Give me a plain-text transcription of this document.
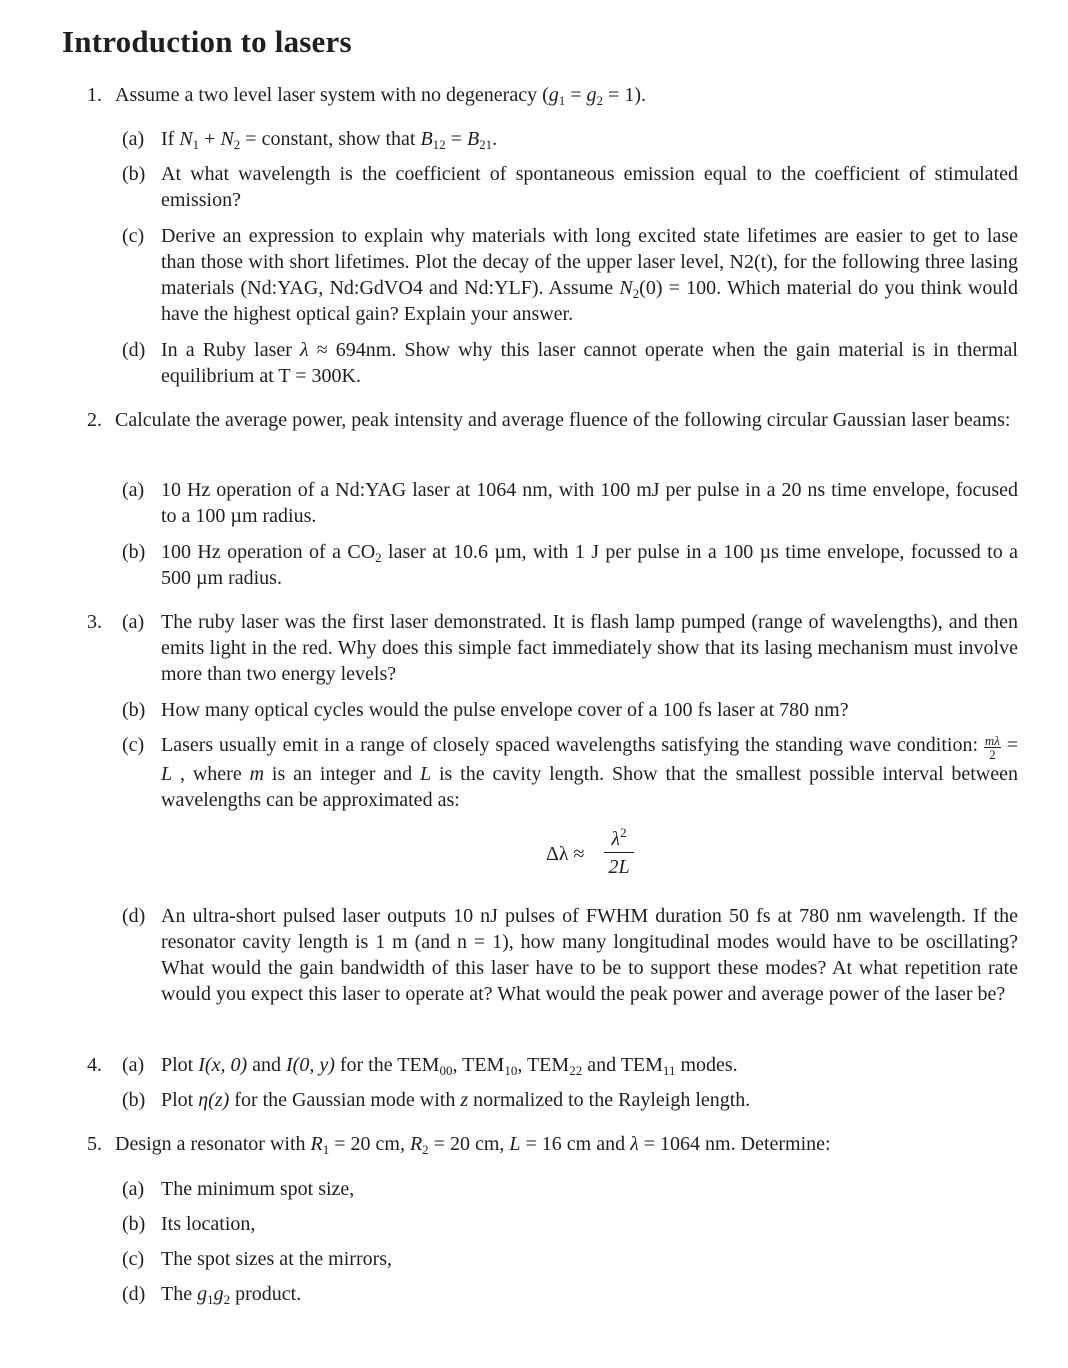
Introduction to lasers
1. Assume a two level laser system with no degeneracy $(g_1 = g_2 = 1)$.
(a) If $N_1 + N_2$ = constant, show that $B_{12} = B_{21}$.
(b) At what wavelength is the coefficient of spontaneous emission equal to the coefficient of stimulated emission?
(c) Derive an expression to explain why materials with long excited state lifetimes are easier to get to lase than those with short lifetimes. Plot the decay of the upper laser level, N2(t), for the following three lasing materials (Nd:YAG, Nd:GdVO4 and Nd:YLF). Assume $N_2(0) = 100$. Which material do you think would have the highest optical gain? Explain your answer.
(d) In a Ruby laser λ ≈ 694nm. Show why this laser cannot operate when the gain material is in thermal equilibrium at T = 300K.
2. Calculate the average power, peak intensity and average fluence of the following circular Gaussian laser beams:
(a) 10 Hz operation of a Nd:YAG laser at 1064 nm, with 100 mJ per pulse in a 20 ns time envelope, focused to a 100 µm radius.
(b) 100 Hz operation of a $CO_2$ laser at 10.6 µm, with 1 J per pulse in a 100 µs time envelope, focussed to a 500 µm radius.
3. (a) The ruby laser was the first laser demonstrated. It is flash lamp pumped (range of wavelengths), and then emits light in the red. Why does this simple fact immediately show that its lasing mechanism must involve more than two energy levels?
(b) How many optical cycles would the pulse envelope cover of a 100 fs laser at 780 nm?
(c) Lasers usually emit in a range of closely spaced wavelengths satisfying the standing wave condition: $\frac{m\lambda}{2} = L$ , where m is an integer and L is the cavity length. Show that the smallest possible interval between wavelengths can be approximated as:
Δλ ≈
$\lambda^2$
2L
(d) An ultra-short pulsed laser outputs 10 nJ pulses of FWHM duration 50 fs at 780 nm wavelength. If the resonator cavity length is 1 m (and n = 1), how many longitudinal modes would have to be oscillating? What would the gain bandwidth of this laser have to be to support these modes? At what repetition rate would you expect this laser to operate at? What would the peak power and average power of the laser be?
4. (a) Plot I(x, 0) and I(0, y) for the $TEM_{00}$, $TEM_{10}$, $TEM_{22}$ and $TEM_{11}$ modes.
(b) Plot η(z) for the Gaussian mode with z normalized to the Rayleigh length.
5. Design a resonator with $R_1 = 20$ cm, $R_2 = 20$ cm, L = 16 cm and λ = 1064 nm. Determine:
(a) The minimum spot size,
(b) Its location,
(c) The spot sizes at the mirrors,
(d) The $g_1g_2$ product.
